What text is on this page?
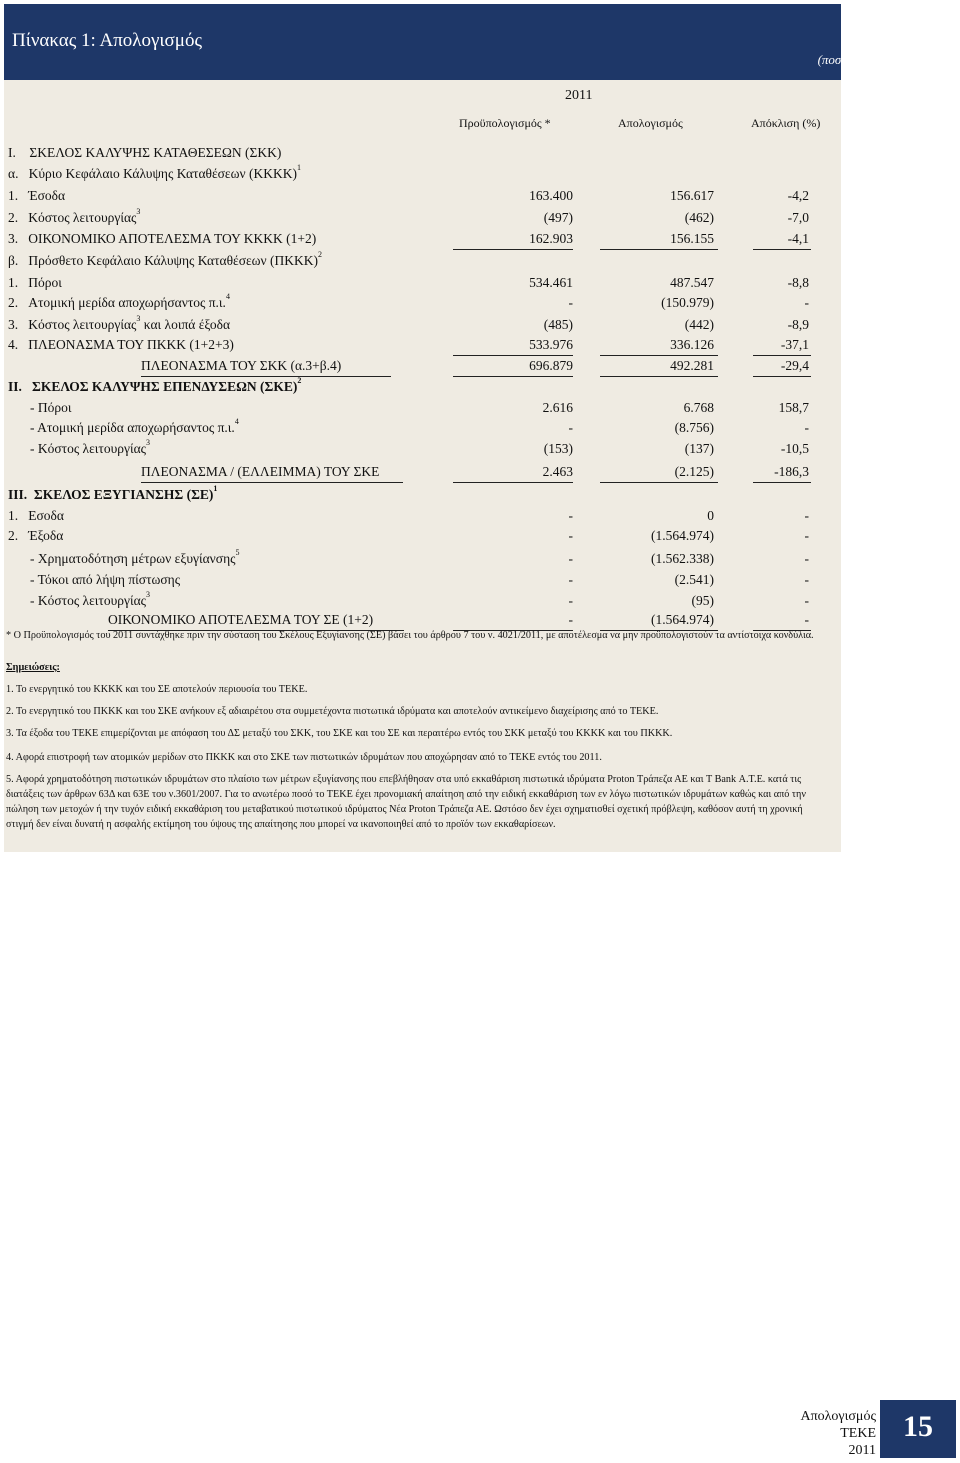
Πίνακας 1: Απολογισμός
(ποσά σε χιλιάδες ευρώ)
2011
Προϋπολογισμός *	Απολογισμός	Απόκλιση (%)
I.    ΣΚΕΛΟΣ ΚΑΛΥΨΗΣ ΚΑΤΑΘΕΣΕΩΝ (ΣΚΚ)
α.   Κύριο Κεφάλαιο Κάλυψης Καταθέσεων $(KKKK)^1$
1.   Έσοδα	163.400	156.617	-4,2
2.   Κόστος λειτουργίας$^3$	(497)	(462)	-7,0
3.   ΟΙΚΟΝΟΜΙΚΟ ΑΠΟΤΕΛΕΣΜΑ ΤΟΥ ΚΚΚΚ (1+2)	162.903	156.155	-4,1
β.   Πρόσθετο Κεφάλαιο Κάλυψης Καταθέσεων $(\Pi KKK)^2$
1.   Πόροι	534.461	487.547	-8,8
2.   Ατομική μερίδα αποχωρήσαντος π.ι.$^4$	-	(150.979)	-
3.   Κόστος λειτουργίας$^3$ και λοιπά έξοδα	(485)	(442)	-8,9
4.   ΠΛΕΟΝΑΣΜΑ ΤΟΥ ΠΚΚΚ (1+2+3)	533.976	336.126	-37,1
ΠΛΕΟΝΑΣΜΑ ΤΟΥ ΣΚΚ (α.3+β.4)	696.879	492.281	-29,4
II.   ΣΚΕΛΟΣ ΚΑΛΥΨΗΣ ΕΠΕΝΔΥΣΕΩΝ $(\Sigma KE)^2$
- Πόροι	2.616	6.768	158,7
- Ατομική μερίδα αποχωρήσαντος π.ι.$^4$	-	(8.756)	-
- Κόστος λειτουργίας$^3$	(153)	(137)	-10,5
ΠΛΕΟΝΑΣΜΑ / (ΕΛΛΕΙΜΜΑ) ΤΟΥ ΣΚΕ	2.463	(2.125)	-186,3
III.  ΣΚΕΛΟΣ ΕΞΥΓΙΑΝΣΗΣ $(\Sigma E)^1$
1.   Εσοδα	-	0	-
2.   Έξοδα	-	(1.564.974)	-
- Χρηματοδότηση μέτρων εξυγίανσης$^5$	-	(1.562.338)	-
- Τόκοι από λήψη πίστωσης	-	(2.541)	-
- Κόστος λειτουργίας$^3$	-	(95)	-
ΟΙΚΟΝΟΜΙΚΟ ΑΠΟΤΕΛΕΣΜΑ ΤΟΥ ΣΕ (1+2)	-	(1.564.974)	-
* Ο Προϋπολογισμός του 2011 συντάχθηκε πριν την σύσταση του Σκέλους Εξυγίανσης (ΣΕ) βάσει του άρθρου 7 του ν. 4021/2011, με αποτέλεσμα να μην προϋπολογιστούν τα αντίστοιχα κονδύλια.
Σημειώσεις:
1. Το ενεργητικό του ΚΚΚΚ και του ΣΕ αποτελούν περιουσία του ΤΕΚΕ.
2. Το ενεργητικό του ΠΚΚΚ και του ΣΚΕ ανήκουν εξ αδιαιρέτου στα συμμετέχοντα πιστωτικά ιδρύματα και αποτελούν αντικείμενο διαχείρισης από το ΤΕΚΕ.
3. Τα έξοδα του ΤΕΚΕ επιμερίζονται με απόφαση του ΔΣ μεταξύ του ΣΚΚ, του ΣΚΕ και του ΣΕ και περαιτέρω εντός του ΣΚΚ μεταξύ του ΚΚΚΚ και του ΠΚΚΚ.
4. Αφορά επιστροφή των ατομικών μερίδων στο ΠΚΚΚ και στο ΣΚΕ των πιστωτικών ιδρυμάτων που αποχώρησαν από το ΤΕΚΕ εντός του 2011.
5. Αφορά χρηματοδότηση πιστωτικών ιδρυμάτων στο πλαίσιο των μέτρων εξυγίανσης που επεβλήθησαν στα υπό εκκαθάριση πιστωτικά ιδρύματα Proton Τράπεζα ΑΕ και T Bank Α.Τ.Ε. κατά τις διατάξεις των άρθρων 63Δ και 63Ε του ν.3601/2007. Για το ανωτέρω ποσό το ΤΕΚΕ έχει προνομιακή απαίτηση από την ειδική εκκαθάριση των εν λόγω πιστωτικών ιδρυμάτων καθώς και από την πώληση των μετοχών ή την τυχόν ειδική εκκαθάριση του μεταβατικού πιστωτικού ιδρύματος Νέα Proton Τράπεζα ΑΕ. Ωστόσο δεν έχει σχηματισθεί σχετική πρόβλεψη, καθόσον αυτή τη χρονική στιγμή δεν είναι δυνατή η ασφαλής εκτίμηση του ύψους της απαίτησης που μπορεί να ικανοποιηθεί από το προϊόν των εκκαθαρίσεων.
Απολογισμός
ΤΕΚΕ
2011
15
